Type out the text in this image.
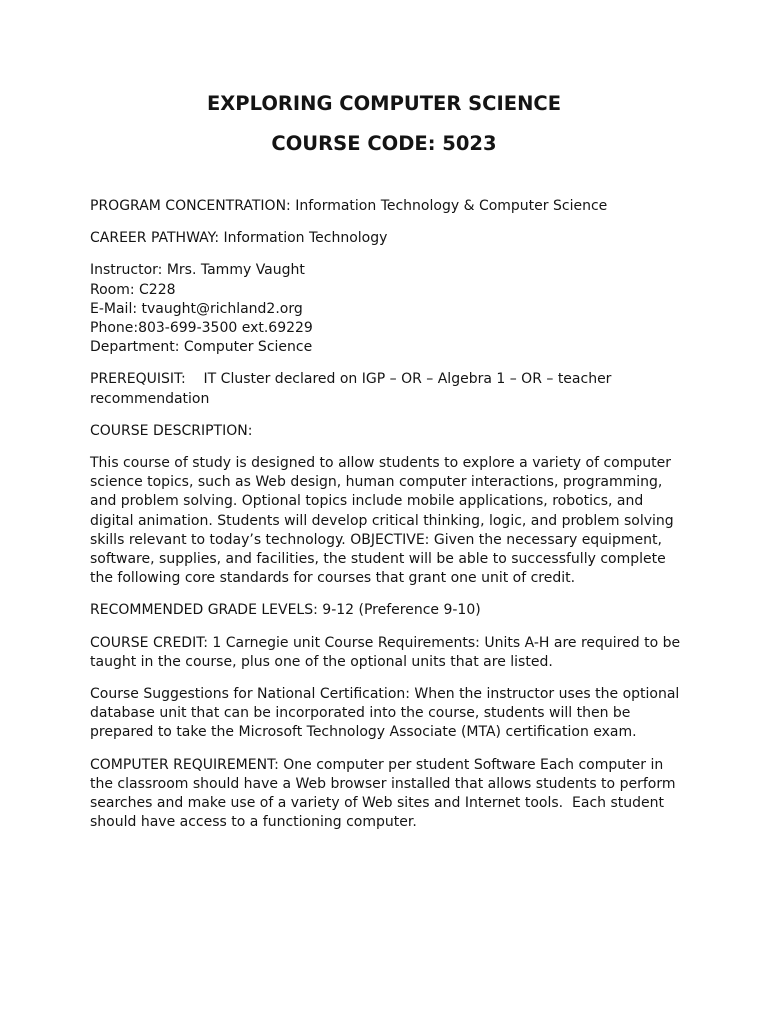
EXPLORING COMPUTER SCIENCE
COURSE CODE: 5023

PROGRAM CONCENTRATION: Information Technology & Computer Science

CAREER PATHWAY: Information Technology

Instructor: Mrs. Tammy Vaught
Room: C228
E-Mail: tvaught@richland2.org
Phone:803-699-3500 ext.69229
Department: Computer Science

PREREQUISIT:    IT Cluster declared on IGP – OR – Algebra 1 – OR – teacher recommendation

COURSE DESCRIPTION:

This course of study is designed to allow students to explore a variety of computer science topics, such as Web design, human computer interactions, programming, and problem solving. Optional topics include mobile applications, robotics, and digital animation. Students will develop critical thinking, logic, and problem solving skills relevant to today’s technology. OBJECTIVE: Given the necessary equipment, software, supplies, and facilities, the student will be able to successfully complete the following core standards for courses that grant one unit of credit.

RECOMMENDED GRADE LEVELS: 9-12 (Preference 9-10)

COURSE CREDIT: 1 Carnegie unit Course Requirements: Units A-H are required to be taught in the course, plus one of the optional units that are listed.

Course Suggestions for National Certification: When the instructor uses the optional database unit that can be incorporated into the course, students will then be prepared to take the Microsoft Technology Associate (MTA) certification exam.

COMPUTER REQUIREMENT: One computer per student Software Each computer in the classroom should have a Web browser installed that allows students to perform searches and make use of a variety of Web sites and Internet tools.  Each student should have access to a functioning computer.
